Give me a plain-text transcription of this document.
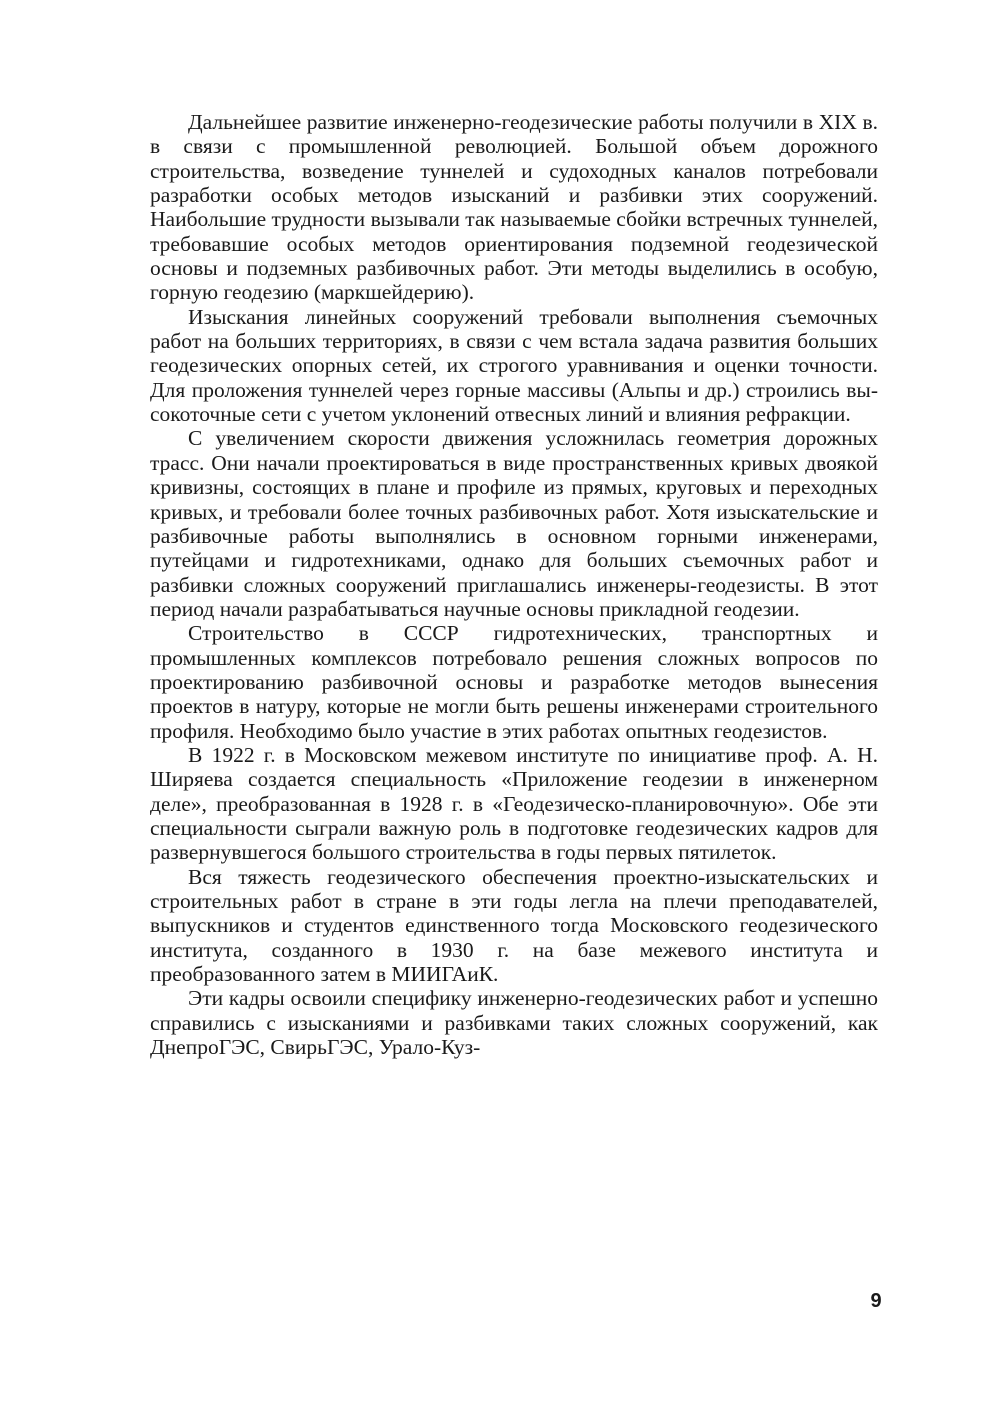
Дальнейшее развитие инженерно-геодезические работы получили в XIX в. в связи с промышленной революцией. Большой объем дорожного строительства, возведение туннелей и судоходных каналов потребовали разработки особых методов изысканий и разбивки этих сооружений. Наибольшие трудности вызывали так называемые сбойки встречных туннелей, требовавшие особых методов ориентирования подземной геодезической основы и подземных разбивочных работ. Эти методы выделились в особую, горную геодезию (маркшейдерию).

Изыскания линейных сооружений требовали выполнения съемочных работ на больших территориях, в связи с чем встала задача развития больших геодезических опорных сетей, их строгого уравнивания и оценки точности. Для проложения туннелей через горные массивы (Альпы и др.) строились высокоточные сети с учетом уклонений отвесных линий и влияния рефракции.

С увеличением скорости движения усложнилась геометрия дорожных трасс. Они начали проектироваться в виде пространственных кривых двоякой кривизны, состоящих в плане и профиле из прямых, круговых и переходных кривых, и требовали более точных разбивочных работ. Хотя изыскательские и разбивочные работы выполнялись в основном горными инженерами, путейцами и гидротехниками, однако для больших съемочных работ и разбивки сложных сооружений приглашались инженеры-геодезисты. В этот период начали разрабатываться научные основы прикладной геодезии.

Строительство в СССР гидротехнических, транспортных и промышленных комплексов потребовало решения сложных вопросов по проектированию разбивочной основы и разработке методов вынесения проектов в натуру, которые не могли быть решены инженерами строительного профиля. Необходимо было участие в этих работах опытных геодезистов.

В 1922 г. в Московском межевом институте по инициативе проф. А. Н. Ширяева создается специальность «Приложение геодезии в инженерном деле», преобразованная в 1928 г. в «Геодезическо-планировочную». Обе эти специальности сыграли важную роль в подготовке геодезических кадров для развернувшегося большого строительства в годы первых пятилеток.

Вся тяжесть геодезического обеспечения проектно-изыскательских и строительных работ в стране в эти годы легла на плечи преподавателей, выпускников и студентов единственного тогда Московского геодезического института, созданного в 1930 г. на базе межевого института и преобразованного затем в МИИГАиК.

Эти кадры освоили специфику инженерно-геодезических работ и успешно справились с изысканиями и разбивками таких сложных сооружений, как ДнепроГЭС, СвирьГЭС, Урало-Куз-

9
